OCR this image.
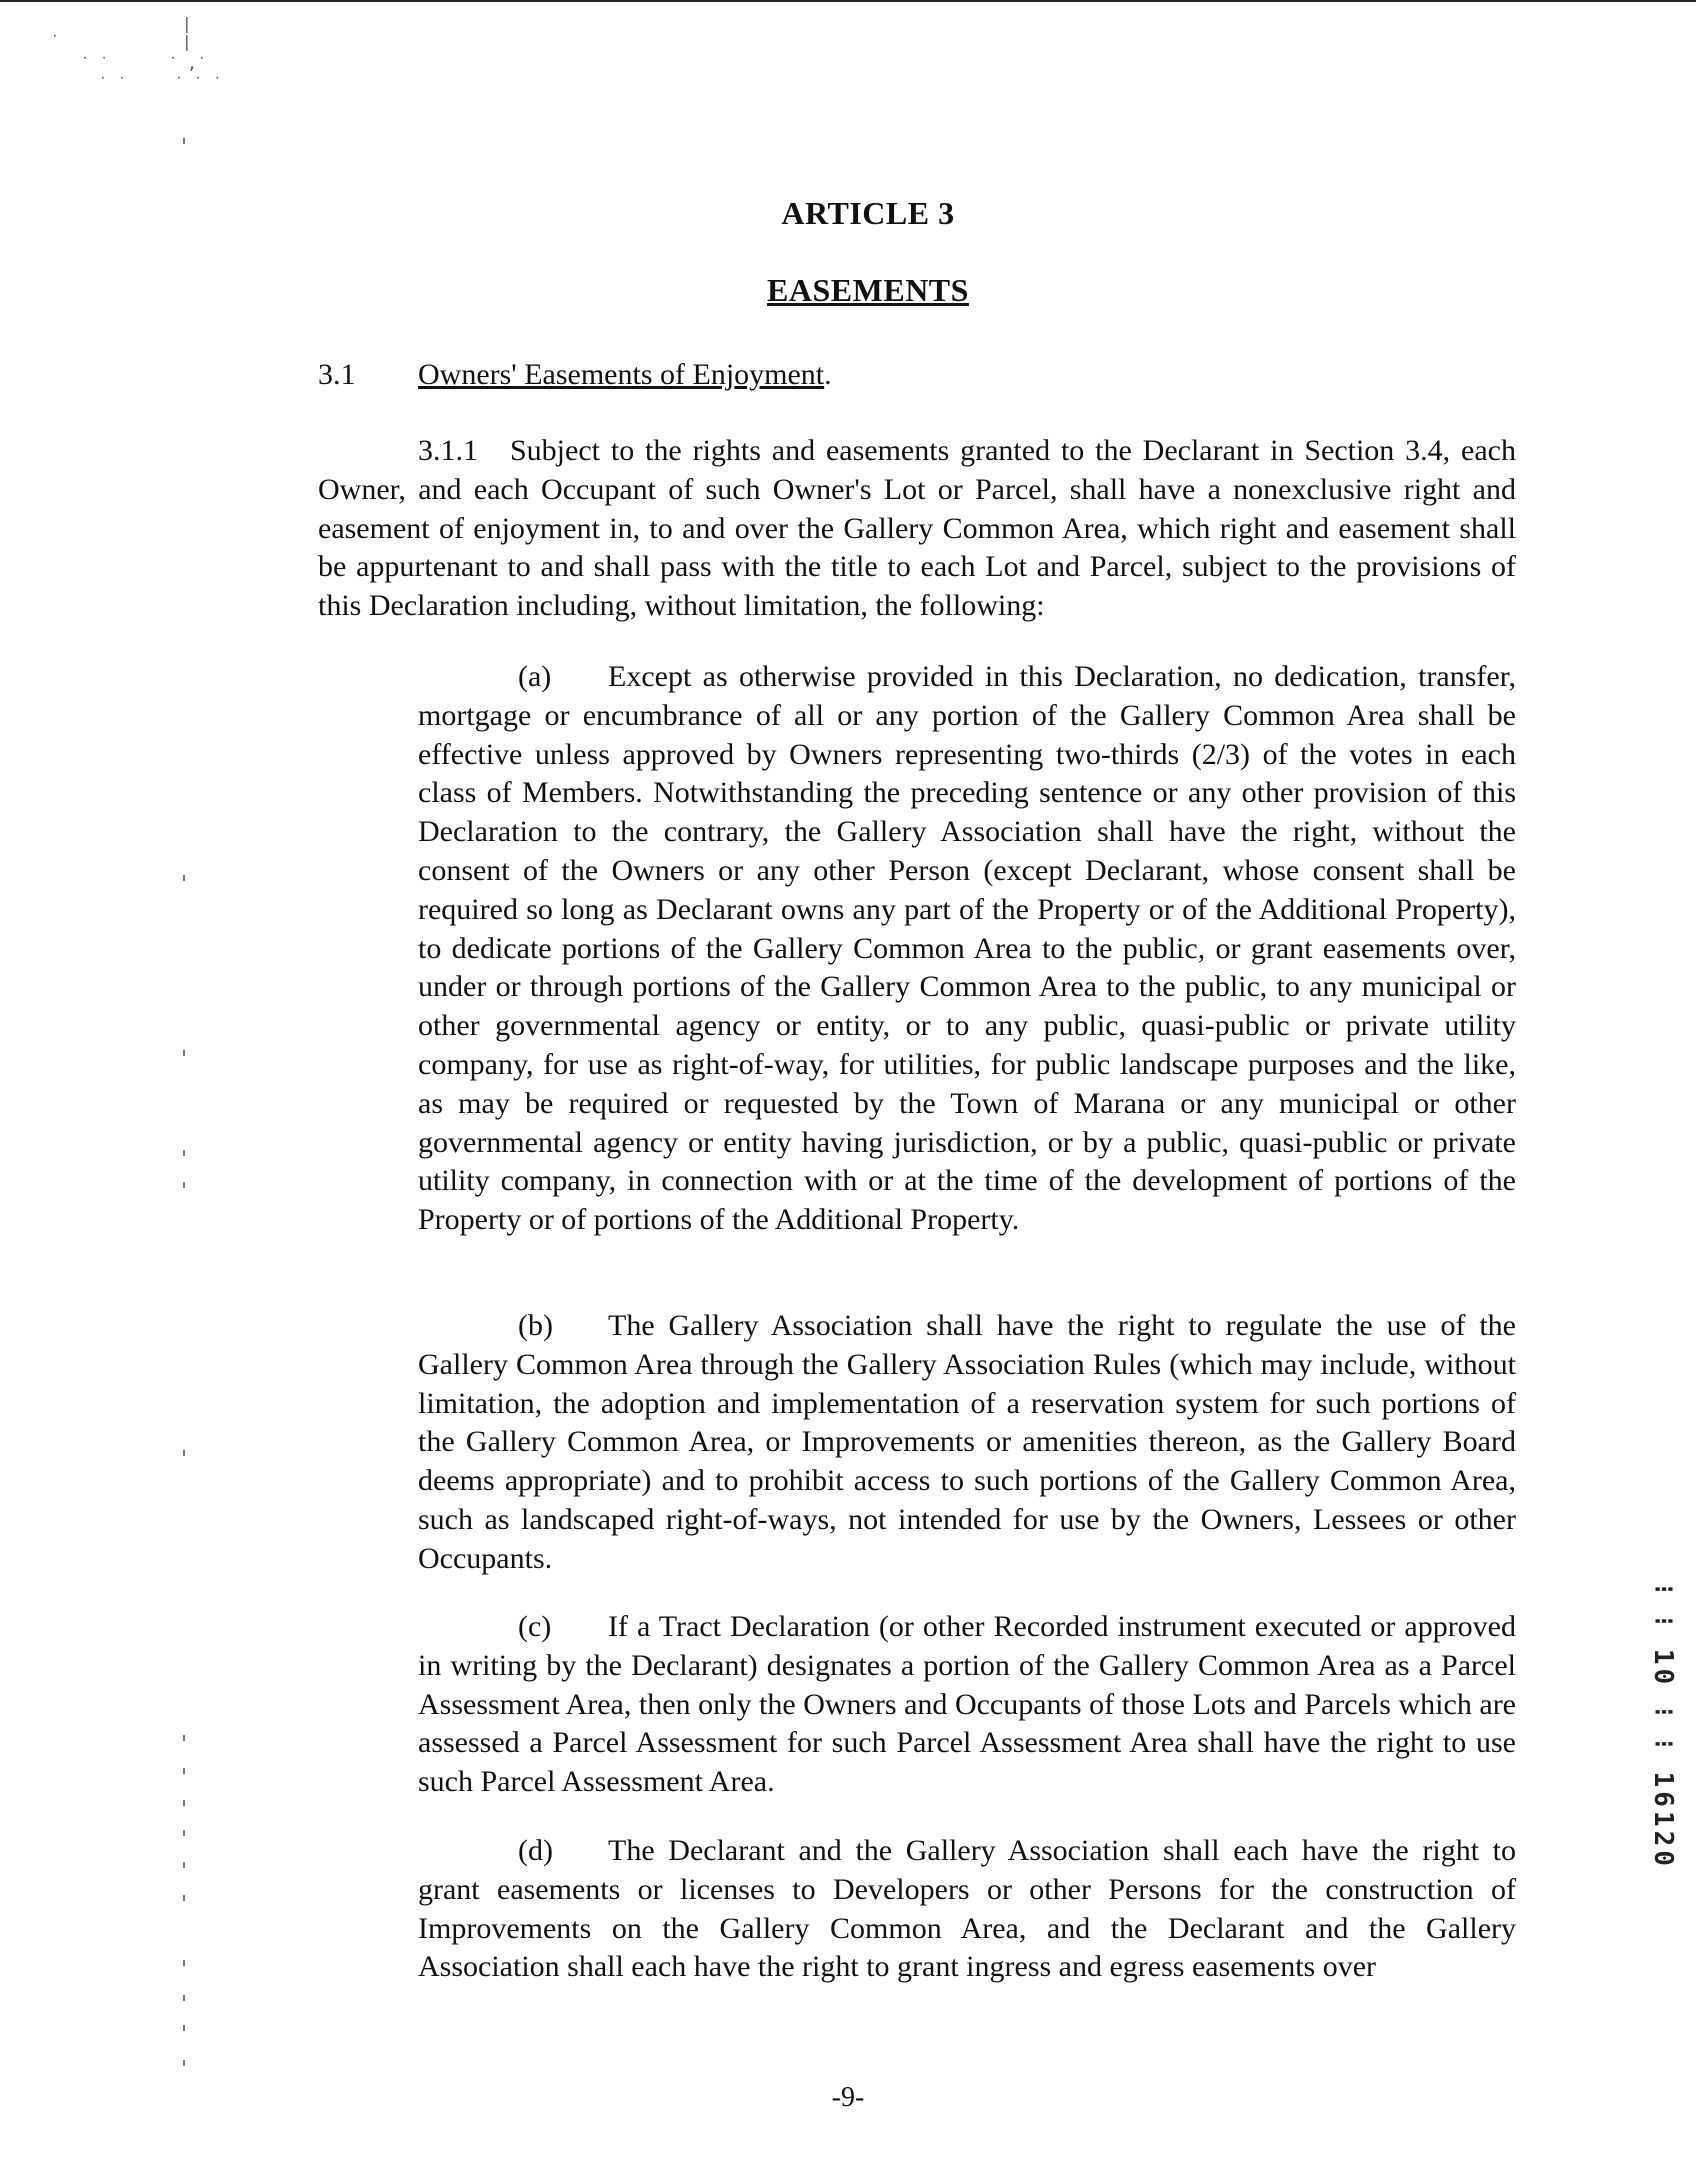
˙
|
|
˙ ˙	˙ ,˙
˙ ˙	˙ ˙ ˙
ARTICLE 3
EASEMENTS
3.1 Owners' Easements of Enjoyment.

3.1.1 Subject to the rights and easements granted to the Declarant in Section 3.4, each Owner, and each Occupant of such Owner's Lot or Parcel, shall have a nonexclusive right and easement of enjoyment in, to and over the Gallery Common Area, which right and easement shall be appurtenant to and shall pass with the title to each Lot and Parcel, subject to the provisions of this Declaration including, without limitation, the following:

(a) Except as otherwise provided in this Declaration, no dedication, transfer, mortgage or encumbrance of all or any portion of the Gallery Common Area shall be effective unless approved by Owners representing two-thirds (2/3) of the votes in each class of Members. Notwithstanding the preceding sentence or any other provision of this Declaration to the contrary, the Gallery Association shall have the right, without the consent of the Owners or any other Person (except Declarant, whose consent shall be required so long as Declarant owns any part of the Property or of the Additional Property), to dedicate portions of the Gallery Common Area to the public, or grant easements over, under or through portions of the Gallery Common Area to the public, to any municipal or other governmental agency or entity, or to any public, quasi-public or private utility company, for use as right-of-way, for utilities, for public landscape purposes and the like, as may be required or requested by the Town of Marana or any municipal or other governmental agency or entity having jurisdiction, or by a public, quasi-public or private utility company, in connection with or at the time of the development of portions of the Property or of portions of the Additional Property.

(b) The Gallery Association shall have the right to regulate the use of the Gallery Common Area through the Gallery Association Rules (which may include, without limitation, the adoption and implementation of a reservation system for such portions of the Gallery Common Area, or Improvements or amenities thereon, as the Gallery Board deems appropriate) and to prohibit access to such portions of the Gallery Common Area, such as landscaped right-of-ways, not intended for use by the Owners, Lessees or other Occupants.

(c) If a Tract Declaration (or other Recorded instrument executed or approved in writing by the Declarant) designates a portion of the Gallery Common Area as a Parcel Assessment Area, then only the Owners and Occupants of those Lots and Parcels which are assessed a Parcel Assessment for such Parcel Assessment Area shall have the right to use such Parcel Assessment Area.

(d) The Declarant and the Gallery Association shall each have the right to grant easements or licenses to Developers or other Persons for the construction of Improvements on the Gallery Common Area, and the Declarant and the Gallery Association shall each have the right to grant ingress and egress easements over

⁝ ⁝ 10 ⁝ ⁝ 16120
-9-
